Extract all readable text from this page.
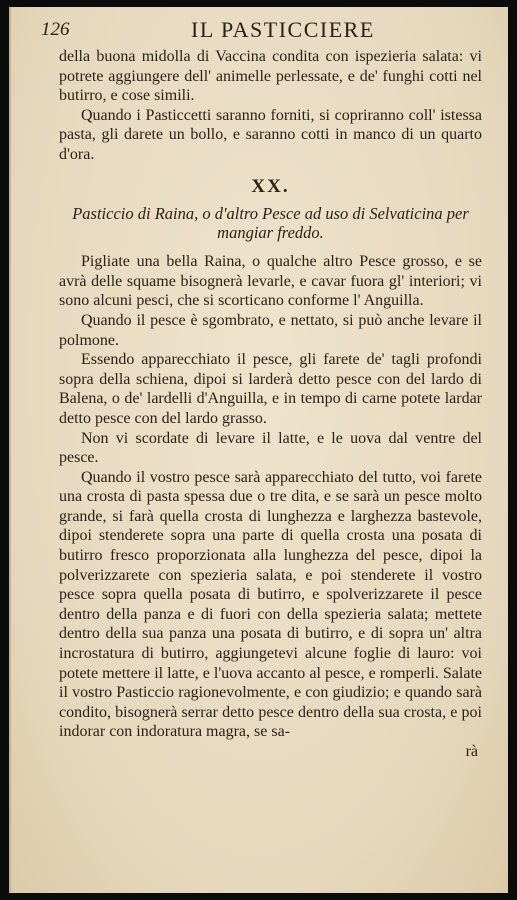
126	IL PASTICCIERE

della buona midolla di Vaccina condita con ispezieria salata: vi potrete aggiungere dell' animelle perlessate, e de' funghi cotti nel butirro, e cose simili.

Quando i Pasticcetti saranno forniti, si copriranno coll' istessa pasta, gli darete un bollo, e saranno cotti in manco di un quarto d'ora.

XX.
Pasticcio di Raina, o d'altro Pesce ad uso di Selvaticina per mangiar freddo.

Pigliate una bella Raina, o qualche altro Pesce grosso, e se avrà delle squame bisognerà levarle, e cavar fuora gl' interiori; vi sono alcuni pesci, che si scorticano conforme l' Anguilla.

Quando il pesce è sgombrato, e nettato, si può anche levare il polmone.

Essendo apparecchiato il pesce, gli farete de' tagli profondi sopra della schiena, dipoi si larderà detto pesce con del lardo di Balena, o de' lardelli d'Anguilla, e in tempo di carne potete lardar detto pesce con del lardo grasso.

Non vi scordate di levare il latte, e le uova dal ventre del pesce.

Quando il vostro pesce sarà apparecchiato del tutto, voi farete una crosta di pasta spessa due o tre dita, e se sarà un pesce molto grande, si farà quella crosta di lunghezza e larghezza bastevole, dipoi stenderete sopra una parte di quella crosta una posata di butirro fresco proporzionata alla lunghezza del pesce, dipoi la polverizzarete con spezieria salata, e poi stenderete il vostro pesce sopra quella posata di butirro, e spolverizzarete il pesce dentro della panza e di fuori con della spezieria salata; mettete dentro della sua panza una posata di butirro, e di sopra un' altra incrostatura di butirro, aggiungetevi alcune foglie di lauro: voi potete mettere il latte, e l'uova accanto al pesce, e romperli. Salate il vostro Pasticcio ragionevolmente, e con giudizio; e quando sarà condito, bisognerà serrar detto pesce dentro della sua crosta, e poi indorar con indoratura magra, se sa-

rà
